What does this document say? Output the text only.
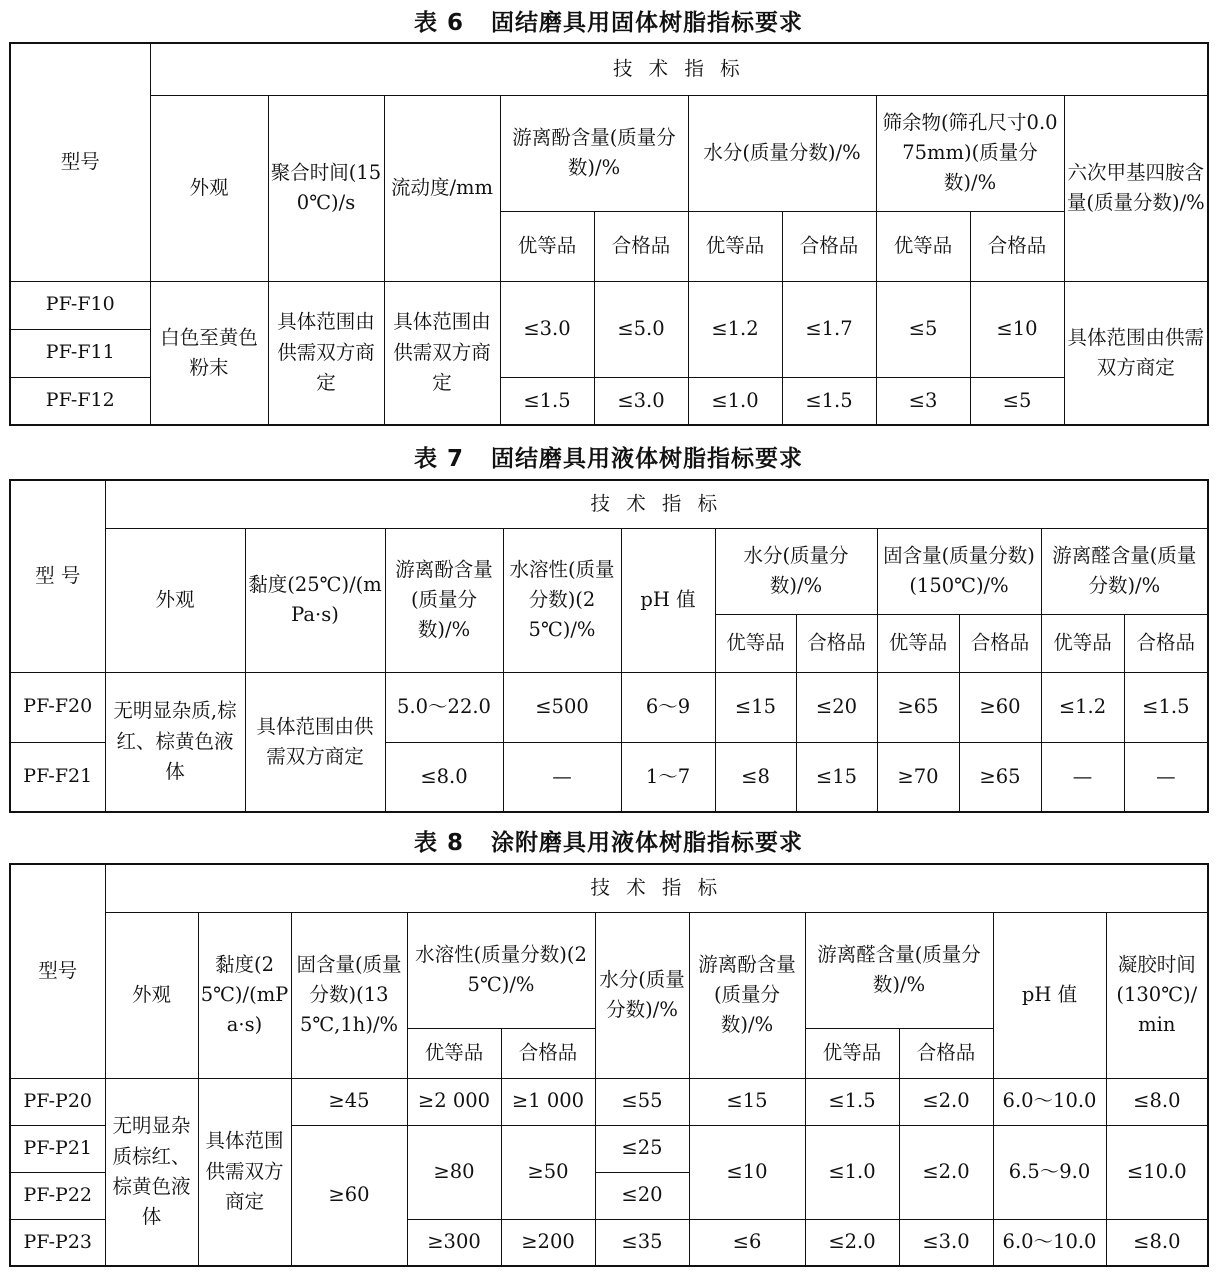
表 6   固结磨具用固体树脂指标要求
型号	技 术 指 标									
	外观	聚合时间(150℃)/s	流动度/mm	游离酚含量(质量分数)/%		水分(质量分数)/%		筛余物(筛孔尺寸0.075mm)(质量分数)/%		六次甲基四胺含量(质量分数)/%
				优等品	合格品	优等品	合格品	优等品	合格品	
PF-F10	白色至黄色粉末	具体范围由供需双方商定	具体范围由供需双方商定	≤3.0	≤5.0	≤1.2	≤1.7	≤5	≤10	具体范围由供需双方商定
PF-F11										
PF-F12				≤1.5	≤3.0	≤1.0	≤1.5	≤3	≤5	
表 7   固结磨具用液体树脂指标要求
型 号	技 术 指 标										
	外观	黏度(25℃)/(mPa·s)	游离酚含量(质量分数)/%	水溶性(质量分数)(25℃)/%	pH 值	水分(质量分数)/%		固含量(质量分数)(150℃)/%		游离醛含量(质量分数)/%	
						优等品	合格品	优等品	合格品	优等品	合格品
PF-F20	无明显杂质,棕红、棕黄色液体	具体范围由供需双方商定	5.0～22.0	≤500	6～9	≤15	≤20	≥65	≥60	≤1.2	≤1.5
PF-F21			≤8.0	—	1～7	≤8	≤15	≥70	≥65	—	—
表 8   涂附磨具用液体树脂指标要求
型号	技 术 指 标										
	外观	黏度(25℃)/(mPa·s)	固含量(质量分数)(135℃,1h)/%	水溶性(质量分数)(25℃)/%		水分(质量分数)/%	游离酚含量(质量分数)/%	游离醛含量(质量分数)/%		pH 值	凝胶时间(130℃)/min
				优等品	合格品			优等品	合格品		
PF-P20	无明显杂质棕红、棕黄色液体	具体范围供需双方商定	≥45	≥2 000	≥1 000	≤55	≤15	≤1.5	≤2.0	6.0～10.0	≤8.0
PF-P21			≥60	≥80	≥50	≤25	≤10	≤1.0	≤2.0	6.5～9.0	≤10.0
PF-P22						≤20					
PF-P23				≥300	≥200	≤35	≤6	≤2.0	≤3.0	6.0～10.0	≤8.0
